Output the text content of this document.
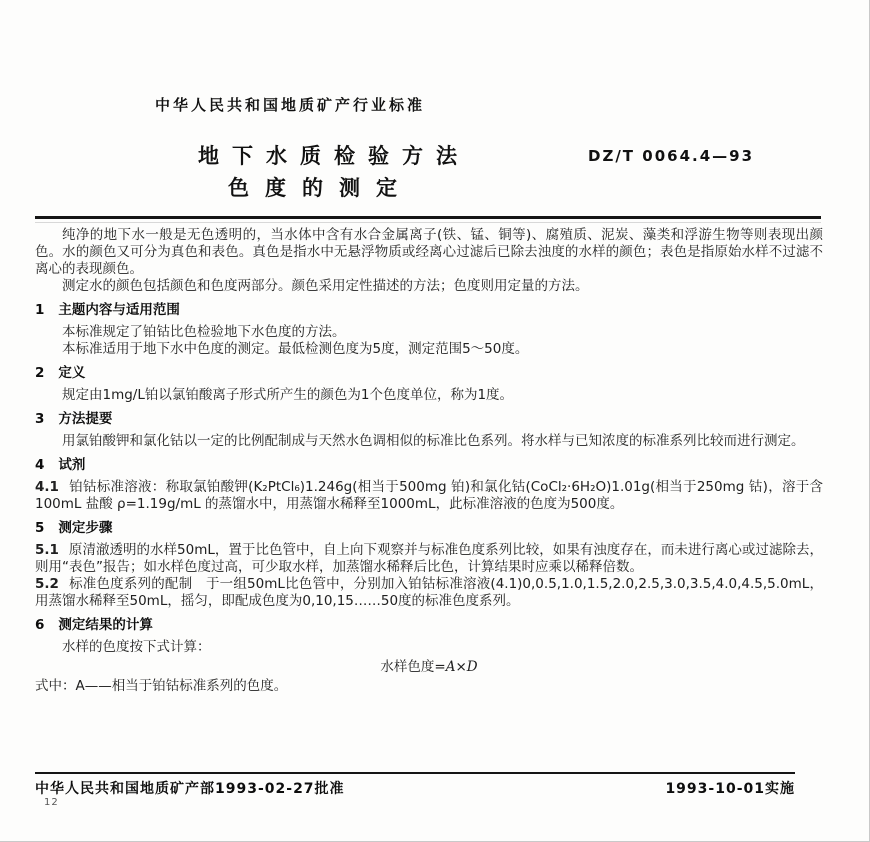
中华人民共和国地质矿产行业标准
地下水质检验方法
色度的测定
DZ/T 0064.4—93

纯净的地下水一般是无色透明的，当水体中含有水合金属离子(铁、锰、铜等)、腐殖质、泥炭、藻类和浮游生物等则表现出颜色。水的颜色又可分为真色和表色。真色是指水中无悬浮物质或经离心过滤后已除去浊度的水样的颜色；表色是指原始水样不过滤不离心的表现颜色。

测定水的颜色包括颜色和色度两部分。颜色采用定性描述的方法；色度则用定量的方法。

1 主题内容与适用范围

本标准规定了铂钴比色检验地下水色度的方法。

本标准适用于地下水中色度的测定。最低检测色度为5度，测定范围5～50度。

2 定义

规定由1mg/L铂以氯铂酸离子形式所产生的颜色为1个色度单位，称为1度。

3 方法提要

用氯铂酸钾和氯化钴以一定的比例配制成与天然水色调相似的标准比色系列。将水样与已知浓度的标准系列比较而进行测定。

4 试剂

4.1 铂钴标准溶液：称取氯铂酸钾(K₂PtCl₆)1.246g(相当于500mg 铂)和氯化钴(CoCl₂·6H₂O)1.01g(相当于250mg 钴)，溶于含100mL 盐酸 ρ=1.19g/mL 的蒸馏水中，用蒸馏水稀释至1000mL，此标准溶液的色度为500度。

5 测定步骤

5.1 原清澈透明的水样50mL，置于比色管中，自上向下观察并与标准色度系列比较，如果有浊度存在，而未进行离心或过滤除去，则用“表色”报告；如水样色度过高，可少取水样，加蒸馏水稀释后比色，计算结果时应乘以稀释倍数。

5.2 标准色度系列的配制　于一组50mL比色管中，分别加入铂钴标准溶液(4.1)0,0.5,1.0,1.5,2.0,2.5,3.0,3.5,4.0,4.5,5.0mL，用蒸馏水稀释至50mL，摇匀，即配成色度为0,10,15……50度的标准色度系列。

6 测定结果的计算

水样的色度按下式计算：

水样色度=A×D

式中：A——相当于铂钴标准系列的色度。

中华人民共和国地质矿产部1993-02-27批准	1993-10-01实施
12
